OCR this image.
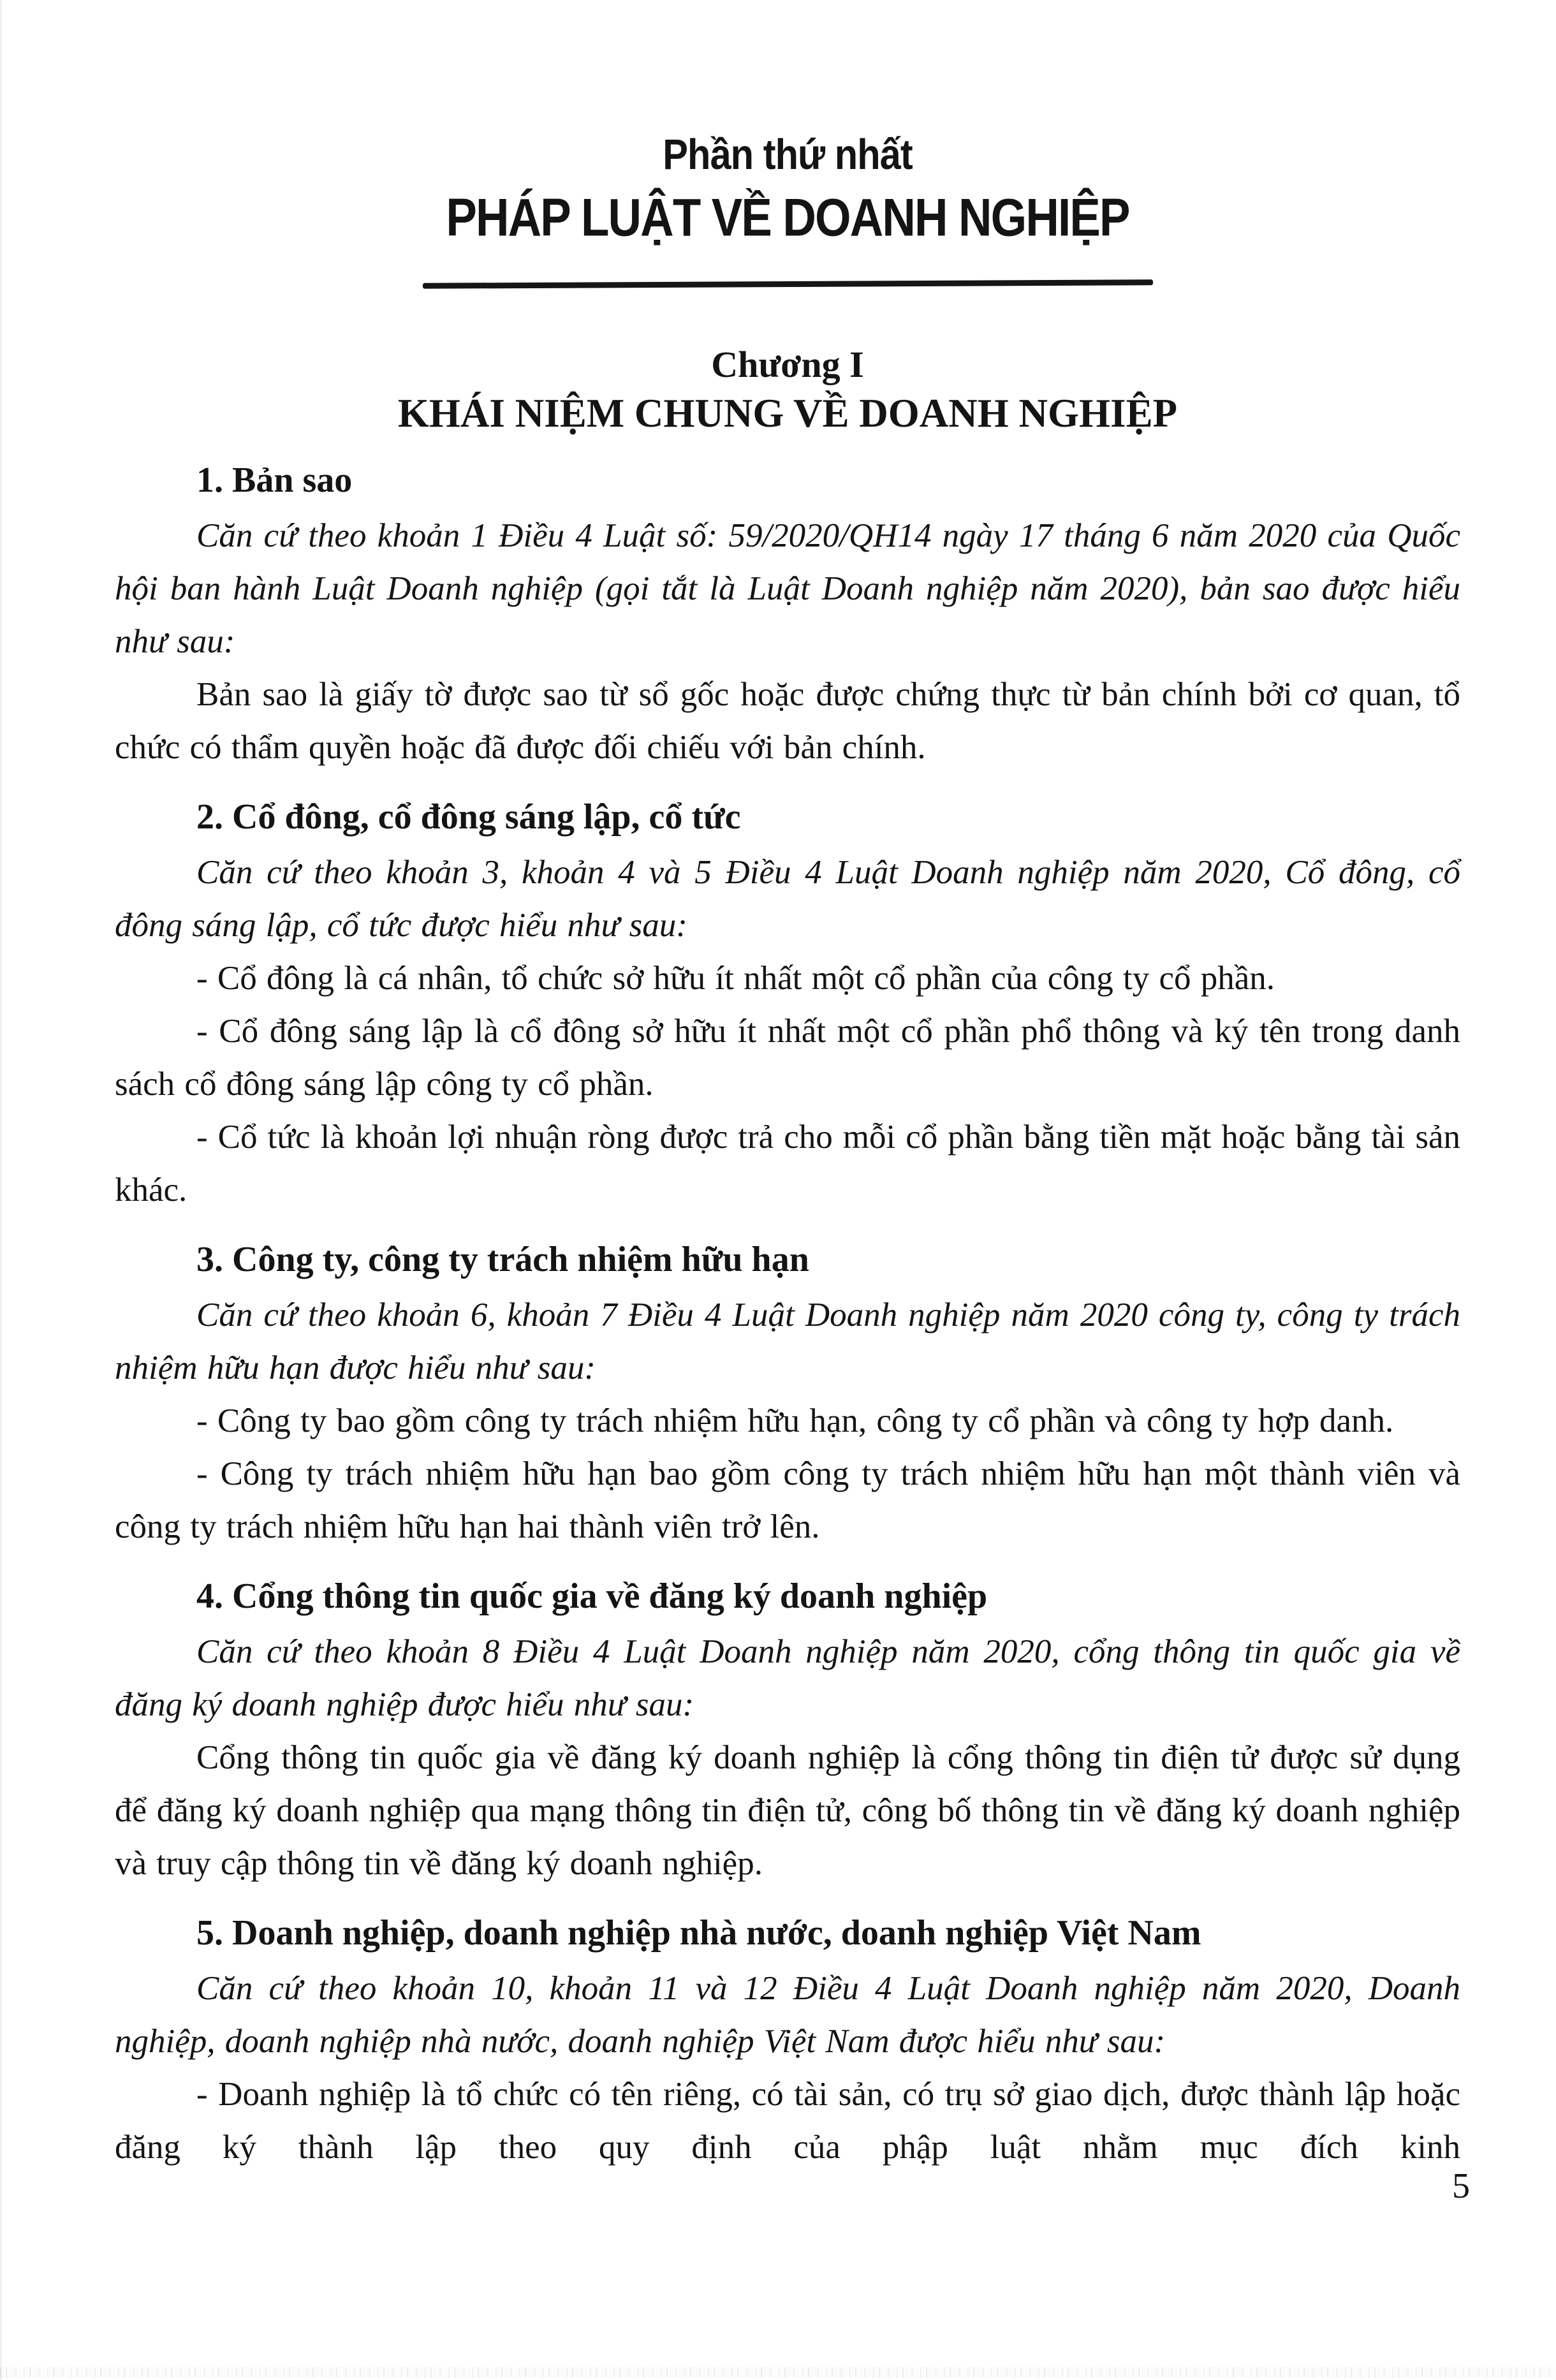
Phần thứ nhất
PHÁP LUẬT VỀ DOANH NGHIỆP
Chương I
KHÁI NIỆM CHUNG VỀ DOANH NGHIỆP
1. Bản sao

Căn cứ theo khoản 1 Điều 4 Luật số: 59/2020/QH14 ngày 17 tháng 6 năm 2020 của Quốc hội ban hành Luật Doanh nghiệp (gọi tắt là Luật Doanh nghiệp năm 2020), bản sao được hiểu như sau:

Bản sao là giấy tờ được sao từ sổ gốc hoặc được chứng thực từ bản chính bởi cơ quan, tổ chức có thẩm quyền hoặc đã được đối chiếu với bản chính.

2. Cổ đông, cổ đông sáng lập, cổ tức

Căn cứ theo khoản 3, khoản 4 và 5 Điều 4 Luật Doanh nghiệp năm 2020, Cổ đông, cổ đông sáng lập, cổ tức được hiểu như sau:

- Cổ đông là cá nhân, tổ chức sở hữu ít nhất một cổ phần của công ty cổ phần.

- Cổ đông sáng lập là cổ đông sở hữu ít nhất một cổ phần phổ thông và ký tên trong danh sách cổ đông sáng lập công ty cổ phần.

- Cổ tức là khoản lợi nhuận ròng được trả cho mỗi cổ phần bằng tiền mặt hoặc bằng tài sản khác.

3. Công ty, công ty trách nhiệm hữu hạn

Căn cứ theo khoản 6, khoản 7 Điều 4 Luật Doanh nghiệp năm 2020 công ty, công ty trách nhiệm hữu hạn được hiểu như sau:

- Công ty bao gồm công ty trách nhiệm hữu hạn, công ty cổ phần và công ty hợp danh.

- Công ty trách nhiệm hữu hạn bao gồm công ty trách nhiệm hữu hạn một thành viên và công ty trách nhiệm hữu hạn hai thành viên trở lên.

4. Cổng thông tin quốc gia về đăng ký doanh nghiệp

Căn cứ theo khoản 8 Điều 4 Luật Doanh nghiệp năm 2020, cổng thông tin quốc gia về đăng ký doanh nghiệp được hiểu như sau:

Cổng thông tin quốc gia về đăng ký doanh nghiệp là cổng thông tin điện tử được sử dụng để đăng ký doanh nghiệp qua mạng thông tin điện tử, công bố thông tin về đăng ký doanh nghiệp và truy cập thông tin về đăng ký doanh nghiệp.

5. Doanh nghiệp, doanh nghiệp nhà nước, doanh nghiệp Việt Nam

Căn cứ theo khoản 10, khoản 11 và 12 Điều 4 Luật Doanh nghiệp năm 2020, Doanh nghiệp, doanh nghiệp nhà nước, doanh nghiệp Việt Nam được hiểu như sau:

- Doanh nghiệp là tổ chức có tên riêng, có tài sản, có trụ sở giao dịch, được thành lập hoặc đăng ký thành lập theo quy định của phập luật nhằm mục đích kinh

5
